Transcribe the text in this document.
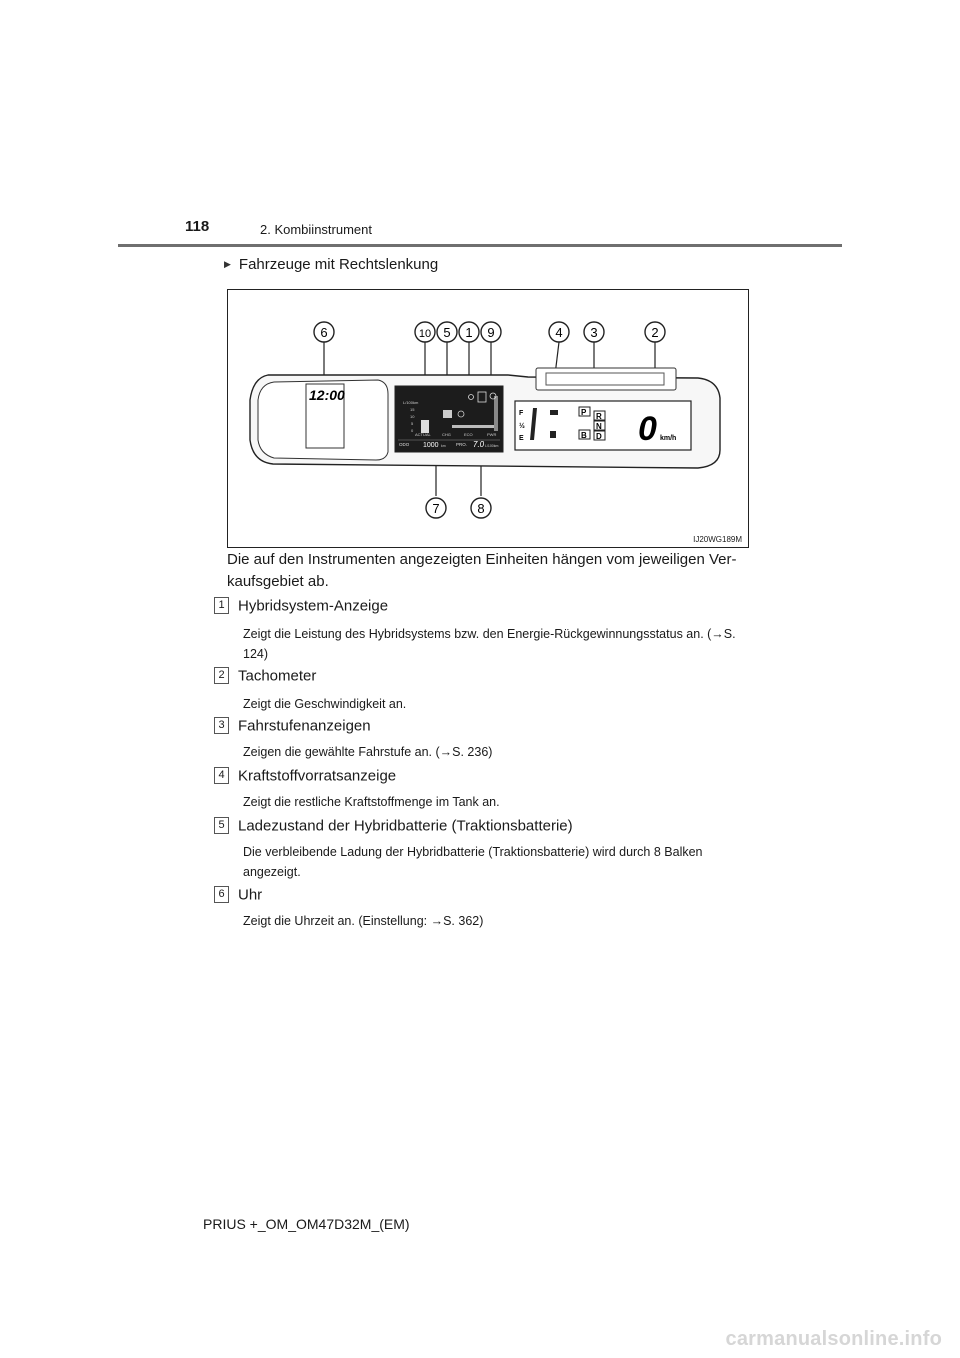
118	2. Kombiinstrument
▶ Fahrzeuge mit Rechtslenkung
12:00	L/100km
15
10
5
0
ACTUAL	CHG	ECO	PWR
ODO 1000 km PRO. 7.0 L/100km
F
½
E
P R
N
B D 0 km/h
6	10 5 1 9	4 3	2
7	8
IJ20WG189M
Die auf den Instrumenten angezeigten Einheiten hängen vom jeweiligen Ver-kaufsgebiet ab.
1 Hybridsystem-Anzeige
Zeigt die Leistung des Hybridsystems bzw. den Energie-Rückgewinnungsstatus an. (→S. 124)
2 Tachometer
Zeigt die Geschwindigkeit an.
3 Fahrstufenanzeigen
Zeigen die gewählte Fahrstufe an. (→S. 236)
4 Kraftstoffvorratsanzeige
Zeigt die restliche Kraftstoffmenge im Tank an.
5 Ladezustand der Hybridbatterie (Traktionsbatterie)
Die verbleibende Ladung der Hybridbatterie (Traktionsbatterie) wird durch 8 Balken angezeigt.
6 Uhr
Zeigt die Uhrzeit an. (Einstellung: →S. 362)
PRIUS +_OM_OM47D32M_(EM)
carmanualsonline.info
